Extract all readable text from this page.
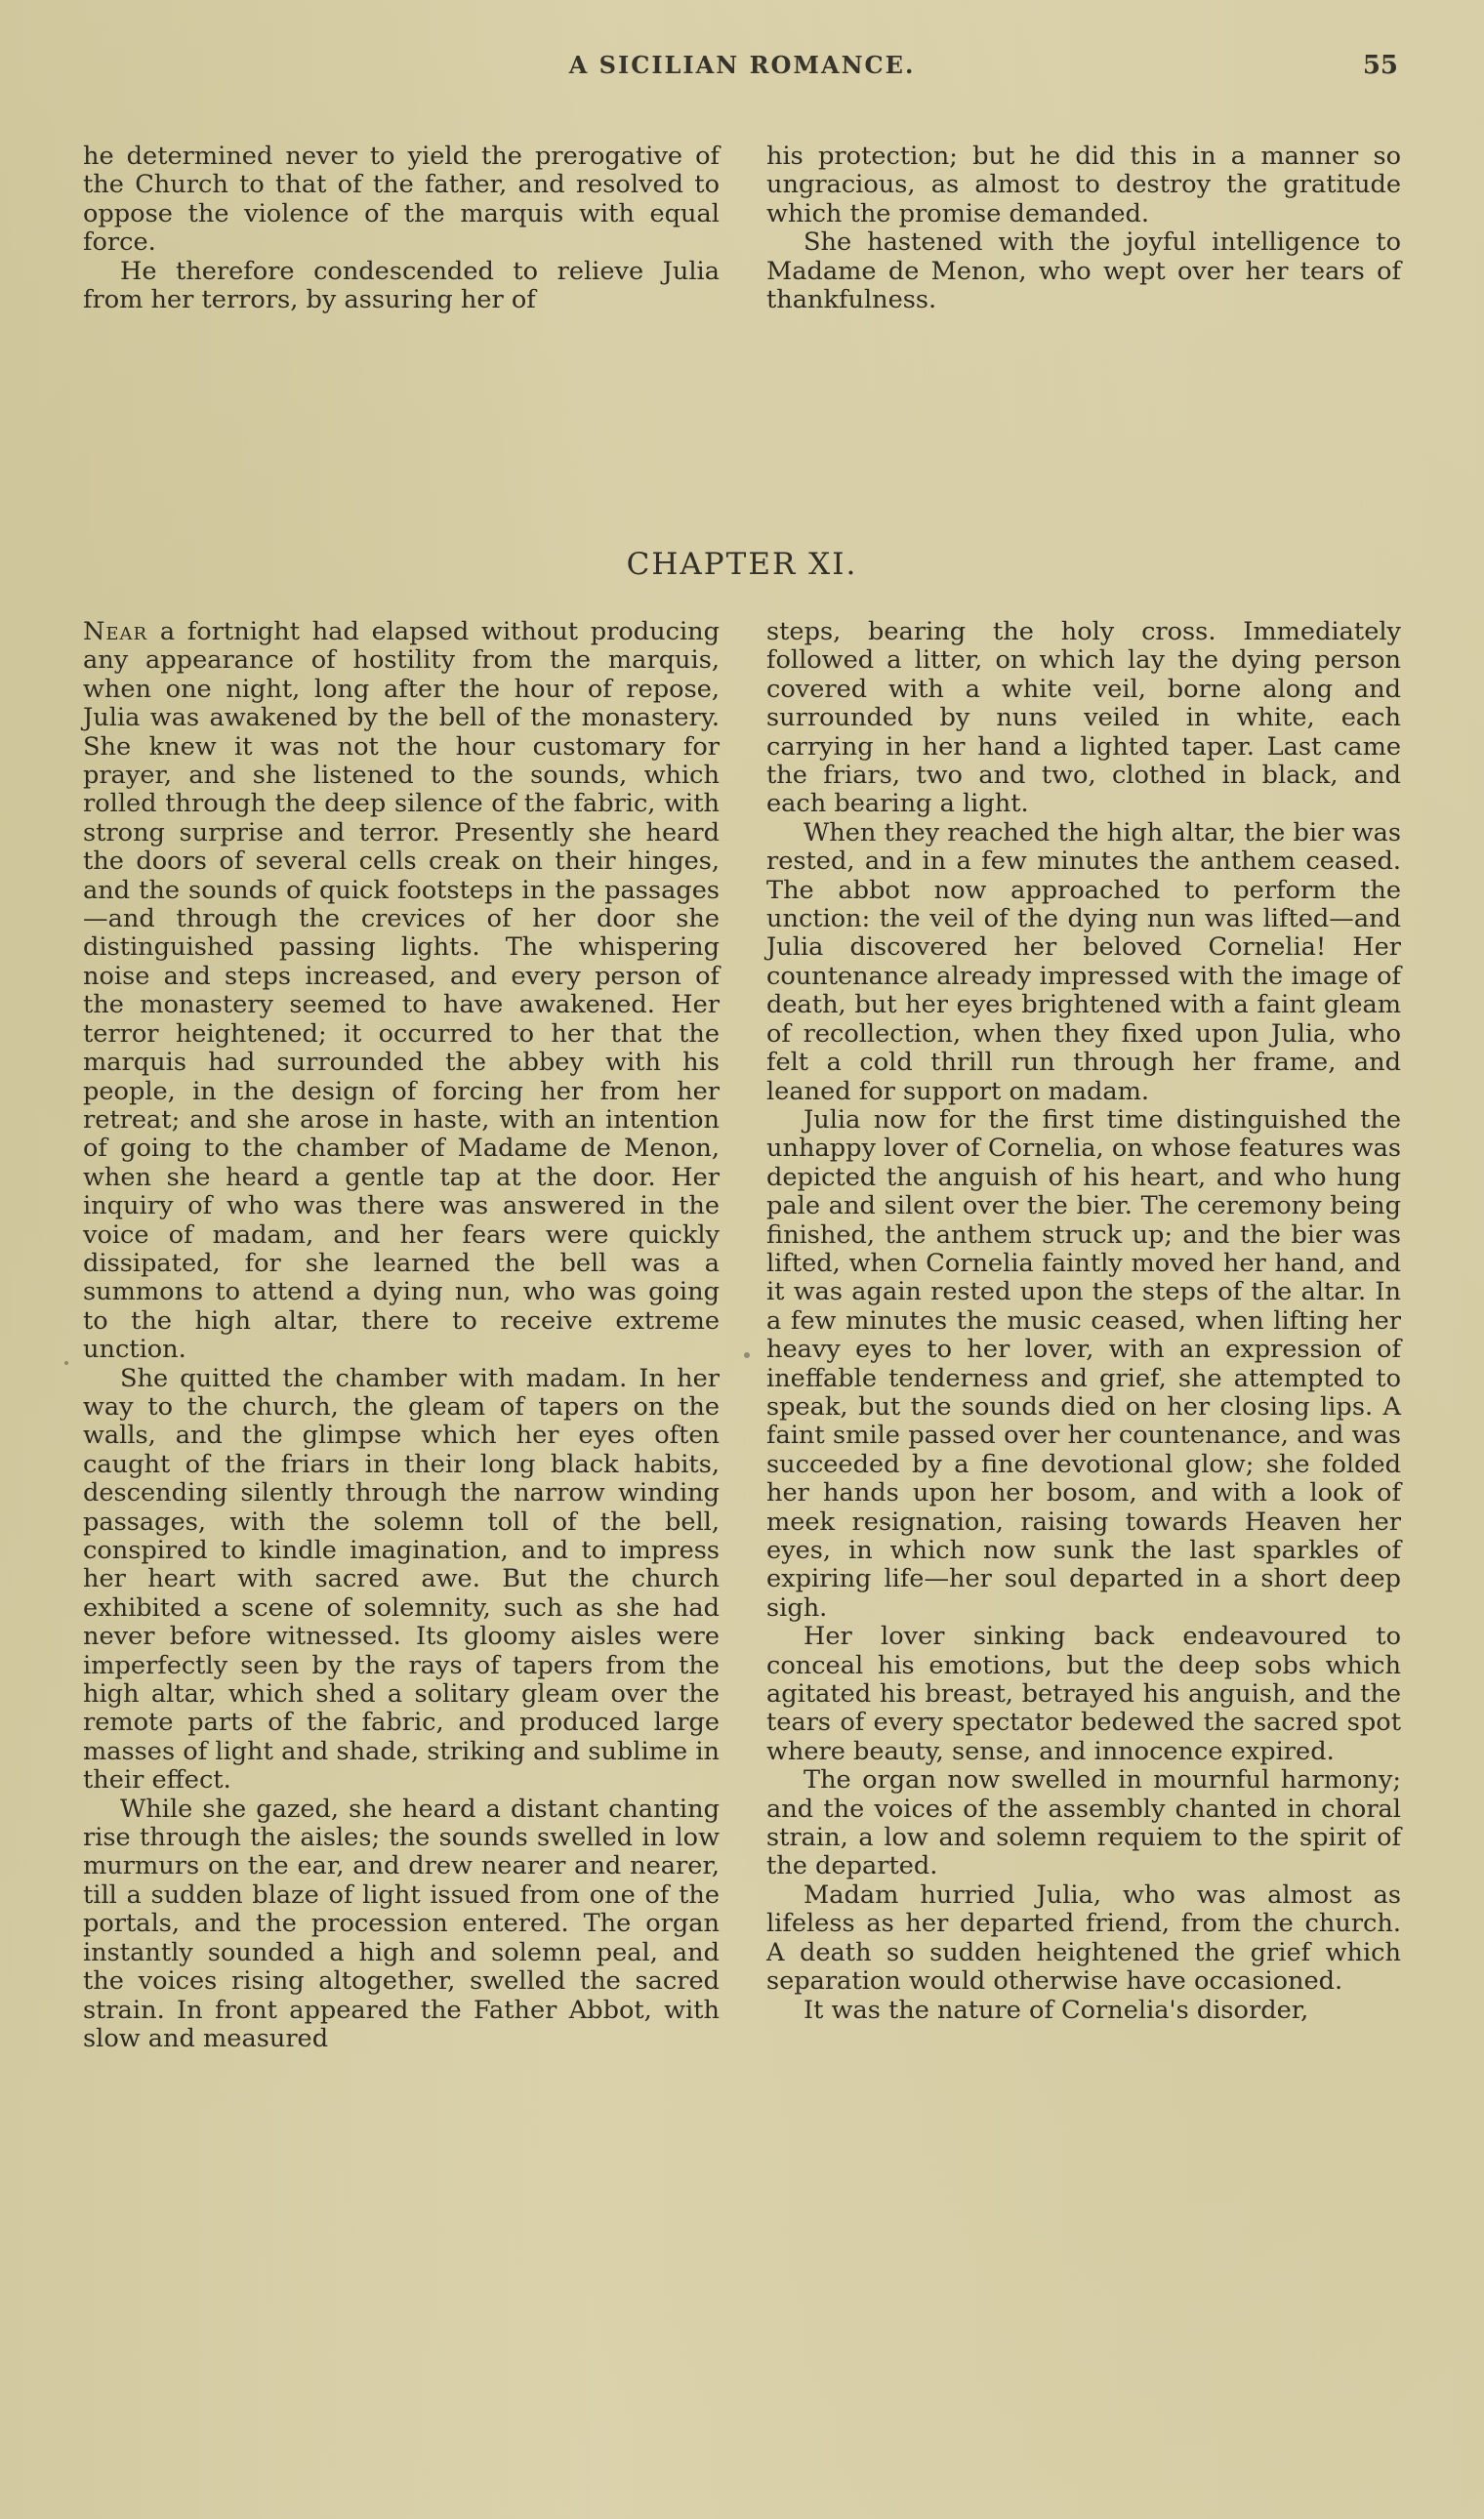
A SICILIAN ROMANCE.	55

he determined never to yield the prerogative of the Church to that of the father, and resolved to oppose the violence of the marquis with equal force.

He therefore condescended to relieve Julia from her terrors, by assuring her of

his protection; but he did this in a manner so ungracious, as almost to destroy the gratitude which the promise demanded.

She hastened with the joyful intelligence to Madame de Menon, who wept over her tears of thankfulness.

CHAPTER XI.

Near a fortnight had elapsed without producing any appearance of hostility from the marquis, when one night, long after the hour of repose, Julia was awakened by the bell of the monastery. She knew it was not the hour customary for prayer, and she listened to the sounds, which rolled through the deep silence of the fabric, with strong surprise and terror. Presently she heard the doors of several cells creak on their hinges, and the sounds of quick footsteps in the passages—and through the crevices of her door she distinguished passing lights. The whispering noise and steps increased, and every person of the monastery seemed to have awakened. Her terror heightened; it occurred to her that the marquis had surrounded the abbey with his people, in the design of forcing her from her retreat; and she arose in haste, with an intention of going to the chamber of Madame de Menon, when she heard a gentle tap at the door. Her inquiry of who was there was answered in the voice of madam, and her fears were quickly dissipated, for she learned the bell was a summons to attend a dying nun, who was going to the high altar, there to receive extreme unction.

She quitted the chamber with madam. In her way to the church, the gleam of tapers on the walls, and the glimpse which her eyes often caught of the friars in their long black habits, descending silently through the narrow winding passages, with the solemn toll of the bell, conspired to kindle imagination, and to impress her heart with sacred awe. But the church exhibited a scene of solemnity, such as she had never before witnessed. Its gloomy aisles were imperfectly seen by the rays of tapers from the high altar, which shed a solitary gleam over the remote parts of the fabric, and produced large masses of light and shade, striking and sublime in their effect.

While she gazed, she heard a distant chanting rise through the aisles; the sounds swelled in low murmurs on the ear, and drew nearer and nearer, till a sudden blaze of light issued from one of the portals, and the procession entered. The organ instantly sounded a high and solemn peal, and the voices rising altogether, swelled the sacred strain. In front appeared the Father Abbot, with slow and measured

steps, bearing the holy cross. Immediately followed a litter, on which lay the dying person covered with a white veil, borne along and surrounded by nuns veiled in white, each carrying in her hand a lighted taper. Last came the friars, two and two, clothed in black, and each bearing a light.

When they reached the high altar, the bier was rested, and in a few minutes the anthem ceased. The abbot now approached to perform the unction: the veil of the dying nun was lifted—and Julia discovered her beloved Cornelia! Her countenance already impressed with the image of death, but her eyes brightened with a faint gleam of recollection, when they fixed upon Julia, who felt a cold thrill run through her frame, and leaned for support on madam.

Julia now for the first time distinguished the unhappy lover of Cornelia, on whose features was depicted the anguish of his heart, and who hung pale and silent over the bier. The ceremony being finished, the anthem struck up; and the bier was lifted, when Cornelia faintly moved her hand, and it was again rested upon the steps of the altar. In a few minutes the music ceased, when lifting her heavy eyes to her lover, with an expression of ineffable tenderness and grief, she attempted to speak, but the sounds died on her closing lips. A faint smile passed over her countenance, and was succeeded by a fine devotional glow; she folded her hands upon her bosom, and with a look of meek resignation, raising towards Heaven her eyes, in which now sunk the last sparkles of expiring life—her soul departed in a short deep sigh.

Her lover sinking back endeavoured to conceal his emotions, but the deep sobs which agitated his breast, betrayed his anguish, and the tears of every spectator bedewed the sacred spot where beauty, sense, and innocence expired.

The organ now swelled in mournful harmony; and the voices of the assembly chanted in choral strain, a low and solemn requiem to the spirit of the departed.

Madam hurried Julia, who was almost as lifeless as her departed friend, from the church. A death so sudden heightened the grief which separation would otherwise have occasioned.

It was the nature of Cornelia's disorder,
